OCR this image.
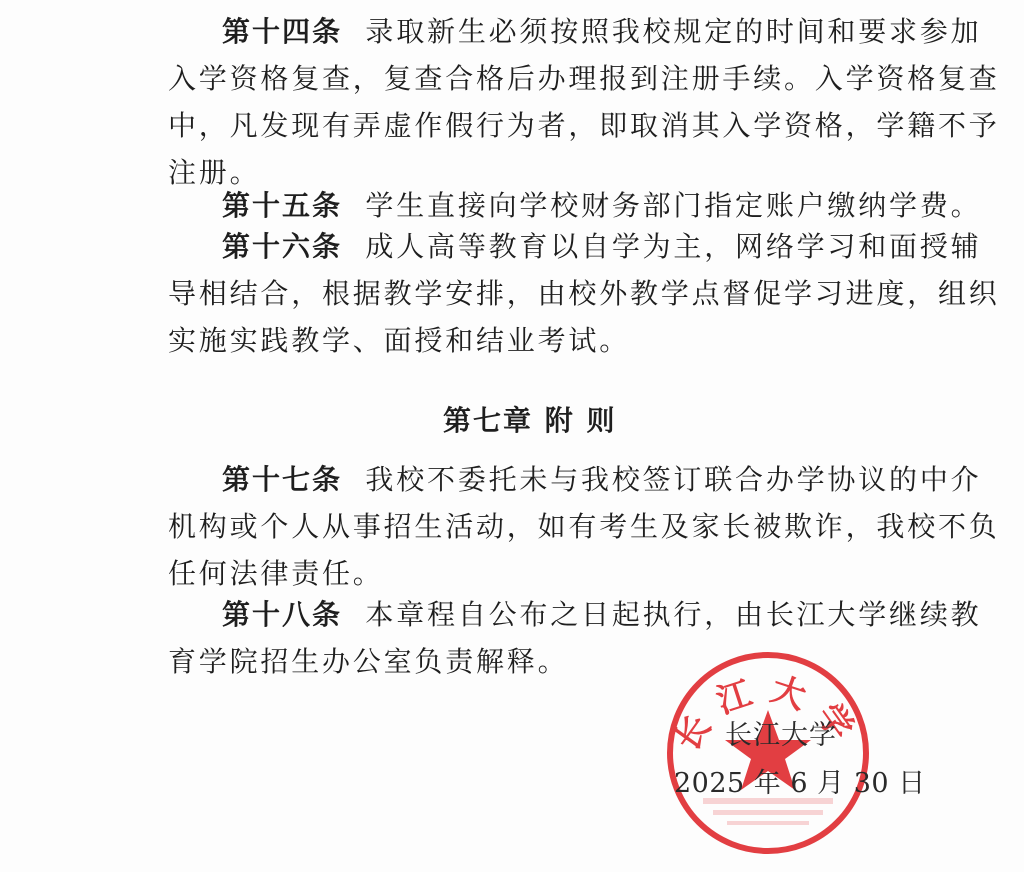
第十四条 录取新生必须按照我校规定的时间和要求参加
入学资格复查，复查合格后办理报到注册手续。入学资格复查
中，凡发现有弄虚作假行为者，即取消其入学资格，学籍不予
注册。
第十五条 学生直接向学校财务部门指定账户缴纳学费。
第十六条 成人高等教育以自学为主，网络学习和面授辅
导相结合，根据教学安排，由校外教学点督促学习进度，组织
实施实践教学、面授和结业考试。
第七章 附 则
第十七条 我校不委托未与我校签订联合办学协议的中介
机构或个人从事招生活动，如有考生及家长被欺诈，我校不负
任何法律责任。
第十八条 本章程自公布之日起执行，由长江大学继续教
育学院招生办公室负责解释。
长江大学
长江大学
2025 年 6 月 30 日
